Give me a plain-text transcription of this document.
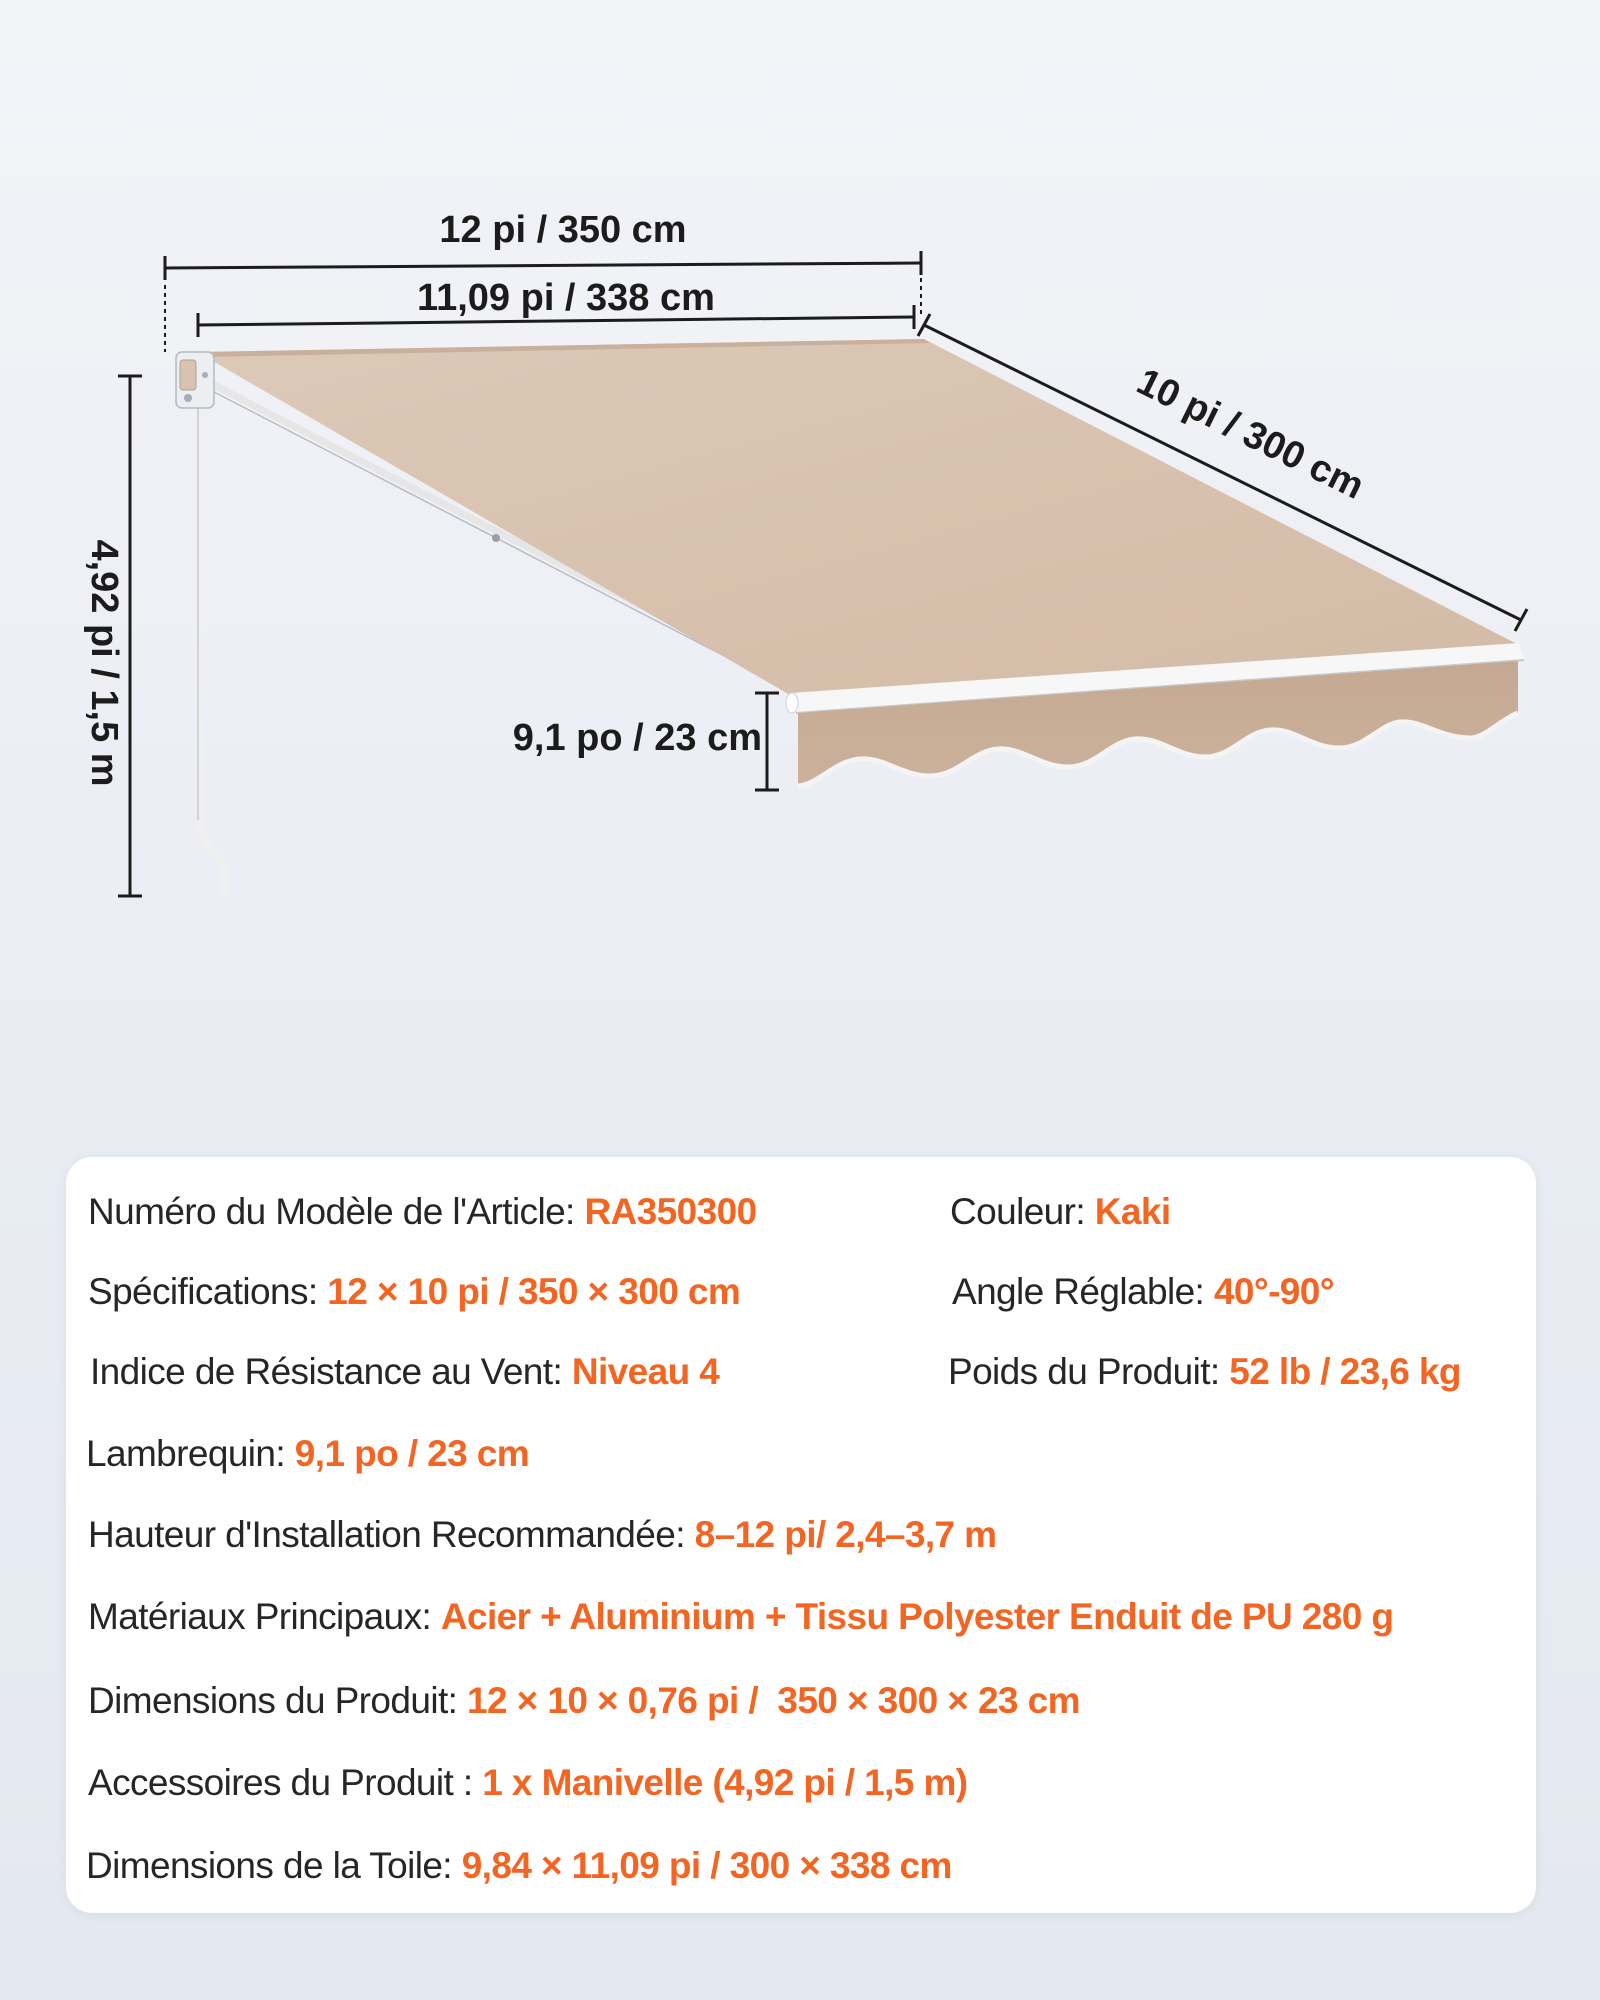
12 pi / 350 cm
11,09 pi / 338 cm
10 pi / 300 cm
4,92 pi / 1,5 m	9,1 po / 23 cm
Numéro du Modèle de l'Article: RA350300	Couleur: Kaki
Spécifications: 12 × 10 pi / 350 × 300 cm	Angle Réglable: 40°-90°
Indice de Résistance au Vent: Niveau 4	Poids du Produit: 52 lb / 23,6 kg
Lambrequin: 9,1 po / 23 cm
Hauteur d'Installation Recommandée: 8–12 pi/ 2,4–3,7 m
Matériaux Principaux: Acier + Aluminium + Tissu Polyester Enduit de PU 280 g
Dimensions du Produit: 12 × 10 × 0,76 pi /  350 × 300 × 23 cm
Accessoires du Produit : 1 x Manivelle (4,92 pi / 1,5 m)
Dimensions de la Toile: 9,84 × 11,09 pi / 300 × 338 cm
